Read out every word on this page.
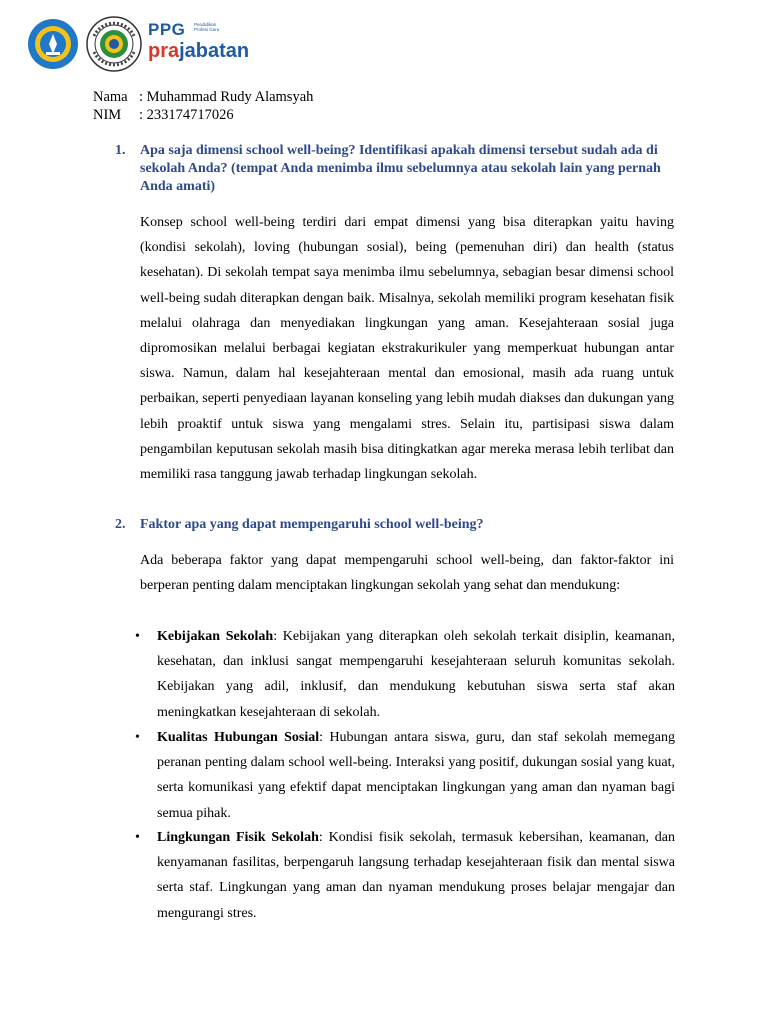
PPG Pendidikan Profesi Guru
prajabatan
Nama : Muhammad Rudy Alamsyah
NIM	: 233174717026
1. Apa saja dimensi school well-being? Identifikasi apakah dimensi tersebut sudah ada di sekolah Anda? (tempat Anda menimba ilmu sebelumnya atau sekolah lain yang pernah Anda amati)
Konsep school well-being terdiri dari empat dimensi yang bisa diterapkan yaitu having (kondisi sekolah), loving (hubungan sosial), being (pemenuhan diri) dan health (status kesehatan). Di sekolah tempat saya menimba ilmu sebelumnya, sebagian besar dimensi school well-being sudah diterapkan dengan baik. Misalnya, sekolah memiliki program kesehatan fisik melalui olahraga dan menyediakan lingkungan yang aman. Kesejahteraan sosial juga dipromosikan melalui berbagai kegiatan ekstrakurikuler yang memperkuat hubungan antar siswa. Namun, dalam hal kesejahteraan mental dan emosional, masih ada ruang untuk perbaikan, seperti penyediaan layanan konseling yang lebih mudah diakses dan dukungan yang lebih proaktif untuk siswa yang mengalami stres. Selain itu, partisipasi siswa dalam pengambilan keputusan sekolah masih bisa ditingkatkan agar mereka merasa lebih terlibat dan memiliki rasa tanggung jawab terhadap lingkungan sekolah.
2. Faktor apa yang dapat mempengaruhi school well-being?
Ada beberapa faktor yang dapat mempengaruhi school well-being, dan faktor-faktor ini berperan penting dalam menciptakan lingkungan sekolah yang sehat dan mendukung:
• Kebijakan Sekolah: Kebijakan yang diterapkan oleh sekolah terkait disiplin, keamanan, kesehatan, dan inklusi sangat mempengaruhi kesejahteraan seluruh komunitas sekolah. Kebijakan yang adil, inklusif, dan mendukung kebutuhan siswa serta staf akan meningkatkan kesejahteraan di sekolah.
• Kualitas Hubungan Sosial: Hubungan antara siswa, guru, dan staf sekolah memegang peranan penting dalam school well-being. Interaksi yang positif, dukungan sosial yang kuat, serta komunikasi yang efektif dapat menciptakan lingkungan yang aman dan nyaman bagi semua pihak.
• Lingkungan Fisik Sekolah: Kondisi fisik sekolah, termasuk kebersihan, keamanan, dan kenyamanan fasilitas, berpengaruh langsung terhadap kesejahteraan fisik dan mental siswa serta staf. Lingkungan yang aman dan nyaman mendukung proses belajar mengajar dan mengurangi stres.
